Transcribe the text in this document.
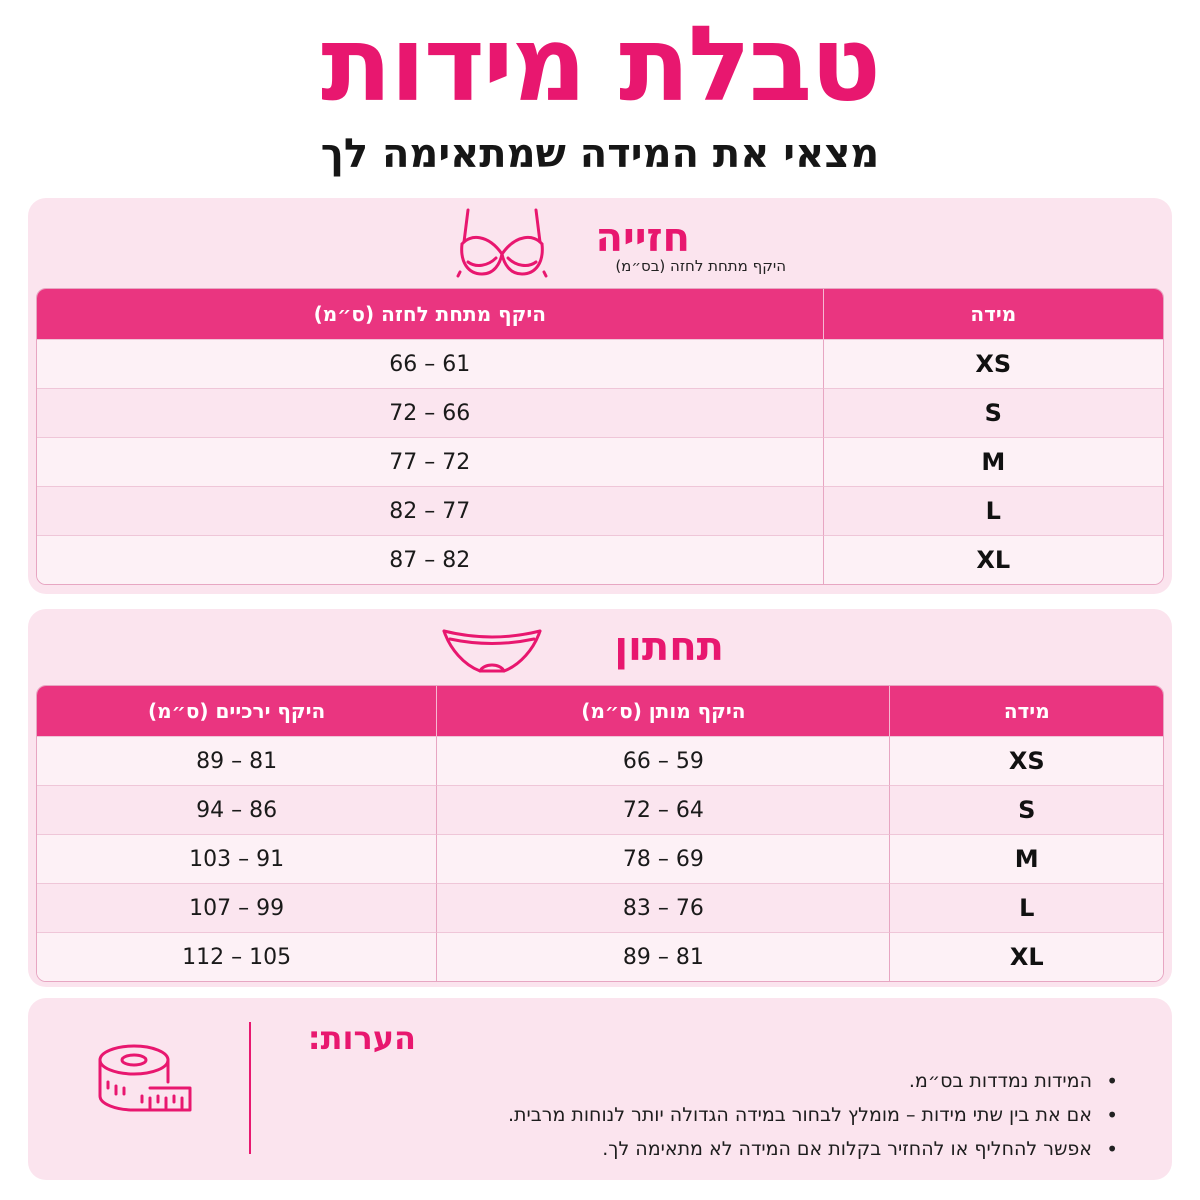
טבלת מידות
מצאי את המידה שמתאימה לך
חזייה
היקף מתחת לחזה (בס״מ)
מידה	היקף מתחת לחזה (ס״מ)
XS	61 – 66
S	66 – 72
M	72 – 77
L	77 – 82
XL	82 – 87
תחתון
מידה	היקף מותן (ס״מ)	היקף ירכיים (ס״מ)
XS	59 – 66	81 – 89
S	64 – 72	86 – 94
M	69 – 78	91 – 103
L	76 – 83	99 – 107
XL	81 – 89	105 – 112
הערות:
• המידות נמדדות בס״מ.
• אם את בין שתי מידות – מומלץ לבחור במידה הגדולה יותר לנוחות מרבית.
• אפשר להחליף או להחזיר בקלות אם המידה לא מתאימה לך.
